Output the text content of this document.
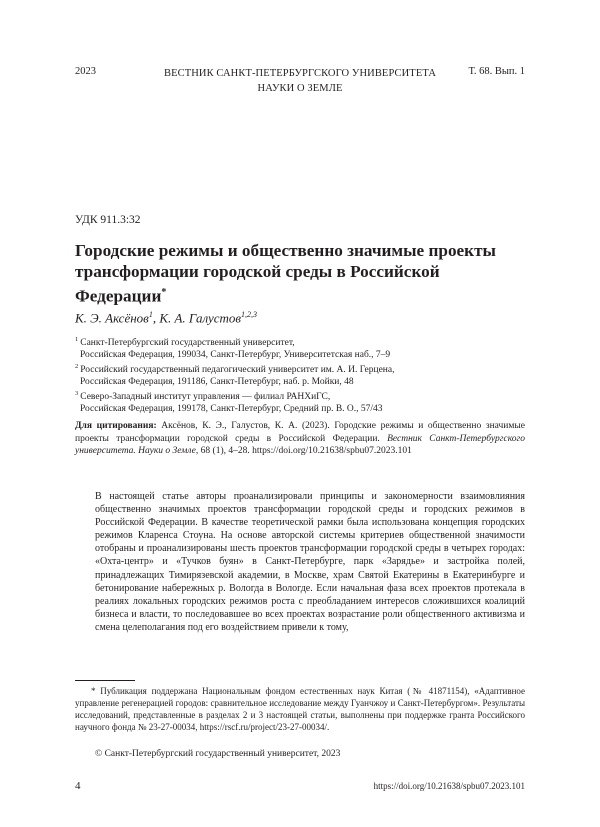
2023	ВЕСТНИК САНКТ-ПЕТЕРБУРГСКОГО УНИВЕРСИТЕТА
НАУКИ О ЗЕМЛЕ
Т. 68. Вып. 1
УДК 911.3:32
Городские режимы и общественно значимые проекты трансформации городской среды в Российской Федерации*
К. Э. Аксёнов$^1$, К. А. Галустов$^{1,2,3}$
$^1$ Санкт-Петербургский государственный университет,
Российская Федерация, 199034, Санкт-Петербург, Университетская наб., 7–9
$^2$ Российский государственный педагогический университет им. А. И. Герцена,
Российская Федерация, 191186, Санкт-Петербург, наб. р. Мойки, 48
$^3$ Северо-Западный институт управления — филиал РАНХиГС,
Российская Федерация, 199178, Санкт-Петербург, Средний пр. В. О., 57/43
Для цитирования: Аксёнов, К. Э., Галустов, К. А. (2023). Городские режимы и общественно значимые проекты трансформации городской среды в Российской Федерации. Вестник Санкт-Петербургского университета. Науки о Земле, 68 (1), 4–28. https://doi.org/10.21638/spbu07.2023.101
В настоящей статье авторы проанализировали принципы и закономерности взаимовлияния общественно значимых проектов трансформации городской среды и городских режимов в Российской Федерации. В качестве теоретической рамки была использована концепция городских режимов Кларенса Стоуна. На основе авторской системы критериев общественной значимости отобраны и проанализированы шесть проектов трансформации городской среды в четырех городах: «Охта-центр» и «Тучков буян» в Санкт-Петербурге, парк «Зарядье» и застройка полей, принадлежащих Тимирязевской академии, в Москве, храм Святой Екатерины в Екатеринбурге и бетонирование набережных р. Вологда в Вологде. Если начальная фаза всех проектов протекала в реалиях локальных городских режимов роста с преобладанием интересов сложившихся коалиций бизнеса и власти, то последовавшее во всех проектах возрастание роли общественного активизма и смена целеполагания под его воздействием привели к тому,
* Публикация поддержана Национальным фондом естественных наук Китая (№ 41871154), «Адаптивное управление регенерацией городов: сравнительное исследование между Гуанчжоу и Санкт-Петербургом». Результаты исследований, представленные в разделах 2 и 3 настоящей статьи, выполнены при поддержке гранта Российского научного фонда № 23-27-00034, https://rscf.ru/project/23-27-00034/.
© Санкт-Петербургский государственный университет, 2023
4	https://doi.org/10.21638/spbu07.2023.101
